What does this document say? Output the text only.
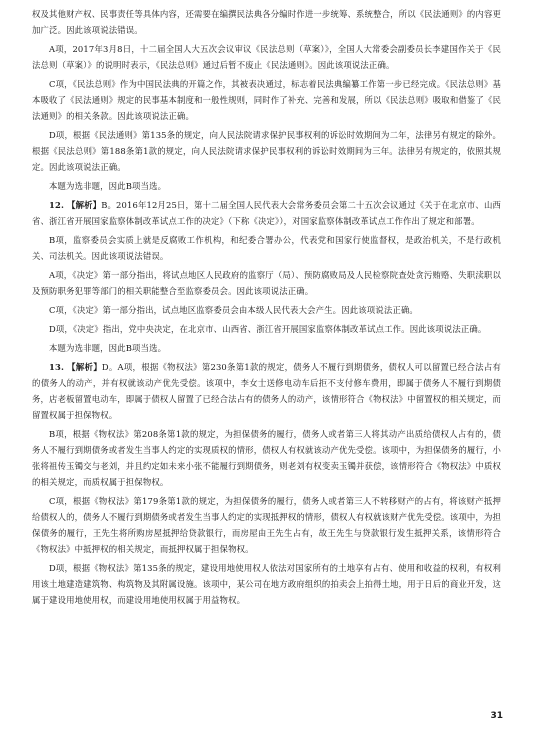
权及其他财产权、民事责任等具体内容，还需要在编撰民法典各分编时作进一步统筹、系统整合，所以《民法通则》的内容更加广泛。因此该项说法错误。

A项，2017年3月8日，十二届全国人大五次会议审议《民法总则（草案）》，全国人大常委会副委员长李建国作关于《民法总则（草案）》的说明时表示，《民法总则》通过后暂不废止《民法通则》。因此该项说法正确。

C项，《民法总则》作为中国民法典的开篇之作，其被表决通过，标志着民法典编纂工作第一步已经完成。《民法总则》基本吸收了《民法通则》规定的民事基本制度和一般性规则，同时作了补充、完善和发展，所以《民法总则》吸取和借鉴了《民法通则》的相关条款。因此该项说法正确。

D项，根据《民法通则》第135条的规定，向人民法院请求保护民事权利的诉讼时效期间为二年，法律另有规定的除外。根据《民法总则》第188条第1款的规定，向人民法院请求保护民事权利的诉讼时效期间为三年。法律另有规定的，依照其规定。因此该项说法正确。

本题为选非题，因此B项当选。

12. 【解析】B。2016年12月25日，第十二届全国人民代表大会常务委员会第二十五次会议通过《关于在北京市、山西省、浙江省开展国家监察体制改革试点工作的决定》（下称《决定》），对国家监察体制改革试点工作作出了规定和部署。

B项，监察委员会实质上就是反腐败工作机构，和纪委合署办公，代表党和国家行使监督权，是政治机关，不是行政机关、司法机关。因此该项说法错误。

A项，《决定》第一部分指出，将试点地区人民政府的监察厅（局）、预防腐败局及人民检察院查处贪污贿赂、失职渎职以及预防职务犯罪等部门的相关职能整合至监察委员会。因此该项说法正确。

C项，《决定》第一部分指出，试点地区监察委员会由本级人民代表大会产生。因此该项说法正确。

D项，《决定》指出，党中央决定，在北京市、山西省、浙江省开展国家监察体制改革试点工作。因此该项说法正确。

本题为选非题，因此B项当选。

13. 【解析】D。A项，根据《物权法》第230条第1款的规定，债务人不履行到期债务，债权人可以留置已经合法占有的债务人的动产，并有权就该动产优先受偿。该项中，李女士送修电动车后拒不支付修车费用，即属于债务人不履行到期债务，店老板留置电动车，即属于债权人留置了已经合法占有的债务人的动产，该情形符合《物权法》中留置权的相关规定，而留置权属于担保物权。

B项，根据《物权法》第208条第1款的规定，为担保债务的履行，债务人或者第三人将其动产出质给债权人占有的，债务人不履行到期债务或者发生当事人约定的实现质权的情形，债权人有权就该动产优先受偿。该项中，为担保债务的履行，小张将祖传玉镯交与老刘，并且约定如未来小张不能履行到期债务，则老刘有权变卖玉镯并获偿，该情形符合《物权法》中质权的相关规定，而质权属于担保物权。

C项，根据《物权法》第179条第1款的规定，为担保债务的履行，债务人或者第三人不转移财产的占有，将该财产抵押给债权人的，债务人不履行到期债务或者发生当事人约定的实现抵押权的情形，债权人有权就该财产优先受偿。该项中，为担保债务的履行，王先生将所购房屋抵押给贷款银行，而房屋由王先生占有，故王先生与贷款银行发生抵押关系，该情形符合《物权法》中抵押权的相关规定，而抵押权属于担保物权。

D项，根据《物权法》第135条的规定，建设用地使用权人依法对国家所有的土地享有占有、使用和收益的权利，有权利用该土地建造建筑物、构筑物及其附属设施。该项中，某公司在地方政府组织的拍卖会上拍得土地，用于日后的商业开发，这属于建设用地使用权，而建设用地使用权属于用益物权。

31
